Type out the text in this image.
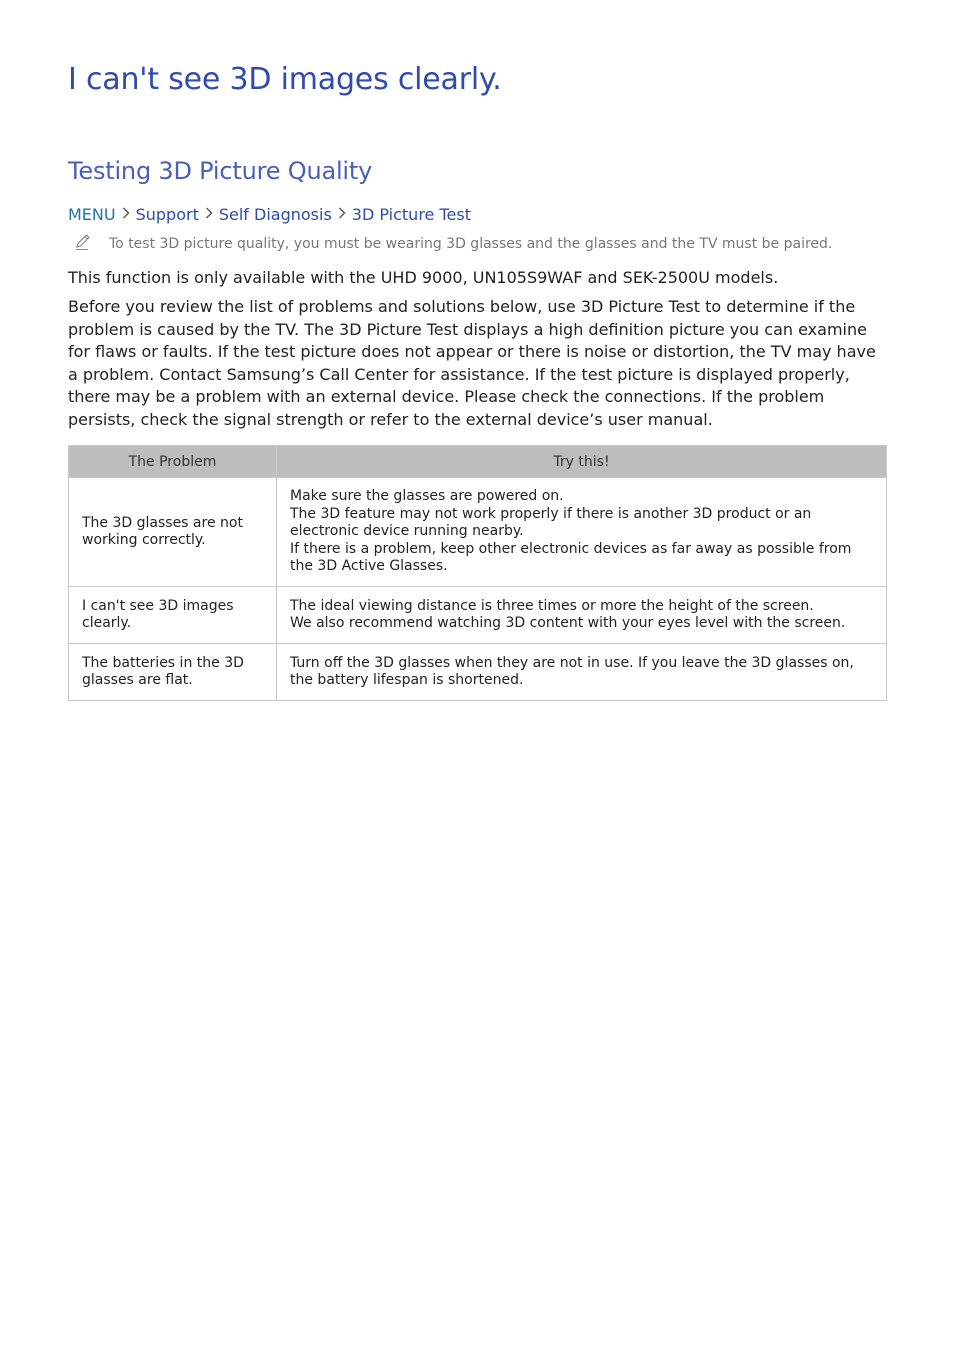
I can't see 3D images clearly.
Testing 3D Picture Quality
MENU Support Self Diagnosis 3D Picture Test
To test 3D picture quality, you must be wearing 3D glasses and the glasses and the TV must be paired.

This function is only available with the UHD 9000, UN105S9WAF and SEK-2500U models.

Before you review the list of problems and solutions below, use 3D Picture Test to determine if the problem is caused by the TV. The 3D Picture Test displays a high definition picture you can examine for flaws or faults. If the test picture does not appear or there is noise or distortion, the TV may have a problem. Contact Samsung’s Call Center for assistance. If the test picture is displayed properly, there may be a problem with an external device. Please check the connections. If the problem persists, check the signal strength or refer to the external device’s user manual.

The Problem	Try this!
The 3D glasses are not working correctly.	Make sure the glasses are powered on.
The 3D feature may not work properly if there is another 3D product or an electronic device running nearby.
If there is a problem, keep other electronic devices as far away as possible from the 3D Active Glasses.

I can't see 3D images clearly.	The ideal viewing distance is three times or more the height of the screen.
We also recommend watching 3D content with your eyes level with the screen.

The batteries in the 3D glasses are flat.	Turn off the 3D glasses when they are not in use. If you leave the 3D glasses on, the battery lifespan is shortened.
